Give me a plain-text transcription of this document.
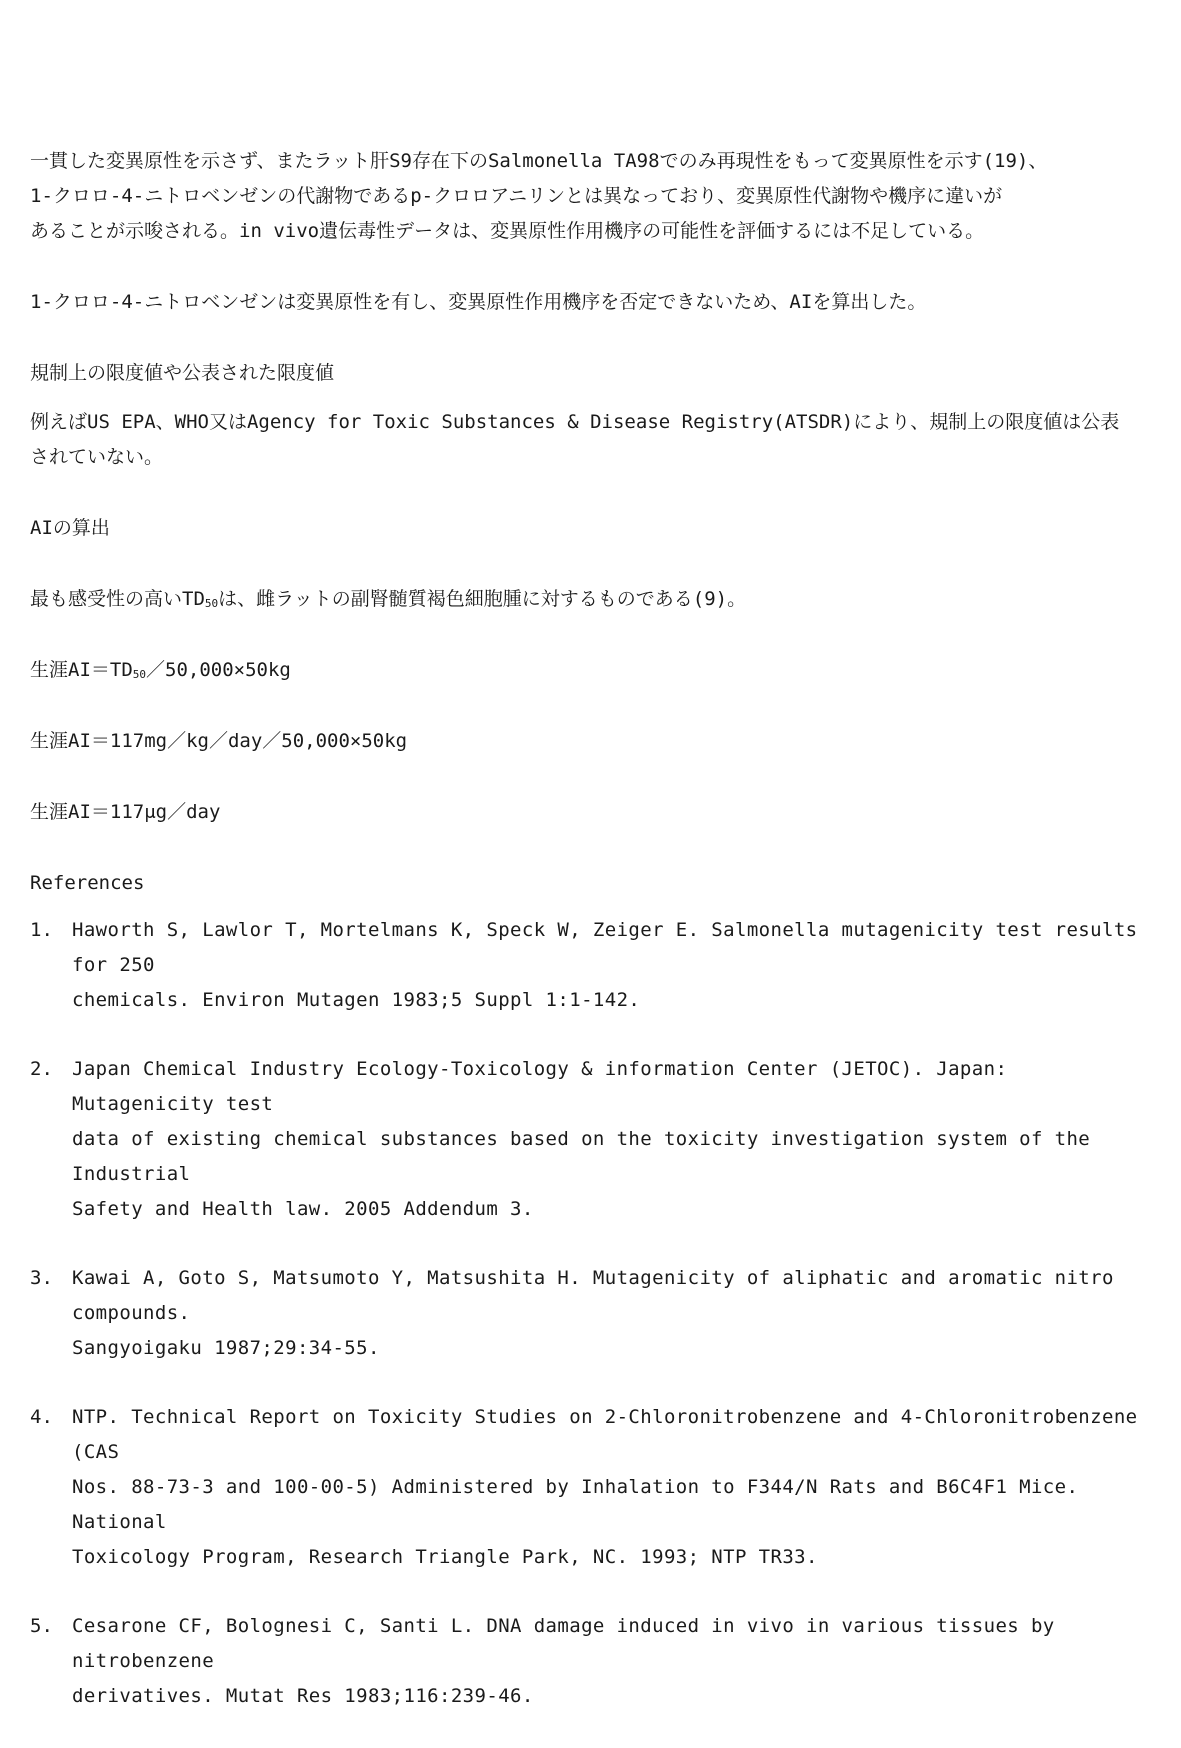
一貫した変異原性を示さず、またラット肝S9存在下のSalmonella TA98でのみ再現性をもって変異原性を示す(19)、
1-クロロ-4-ニトロベンゼンの代謝物であるp-クロロアニリンとは異なっており、変異原性代謝物や機序に違いが
あることが示唆される。in vivo遺伝毒性データは、変異原性作用機序の可能性を評価するには不足している。
1-クロロ-4-ニトロベンゼンは変異原性を有し、変異原性作用機序を否定できないため、AIを算出した。
規制上の限度値や公表された限度値
例えばUS EPA、WHO又はAgency for Toxic Substances & Disease Registry(ATSDR)により、規制上の限度値は公表
されていない。
AIの算出
最も感受性の高い$TD_{50}$は、雌ラットの副腎髄質褐色細胞腫に対するものである(9)。
生涯$AI=TD_{50}/50,000\times 50kg$
生涯AI＝117mg／kg／day／50,000×50kg
生涯AI＝117μg／day
References
1.	Haworth S, Lawlor T, Mortelmans K, Speck W, Zeiger E. Salmonella mutagenicity test results for 250
chemicals. Environ Mutagen 1983;5 Suppl 1:1-142.
2.	Japan Chemical Industry Ecology-Toxicology & information Center (JETOC). Japan: Mutagenicity test
data of existing chemical substances based on the toxicity investigation system of the Industrial
Safety and Health law. 2005 Addendum 3.
3.	Kawai A, Goto S, Matsumoto Y, Matsushita H. Mutagenicity of aliphatic and aromatic nitro compounds.
Sangyoigaku 1987;29:34-55.
4.	NTP. Technical Report on Toxicity Studies on 2-Chloronitrobenzene and 4-Chloronitrobenzene (CAS
Nos. 88-73-3 and 100-00-5) Administered by Inhalation to F344/N Rats and B6C4F1 Mice. National
Toxicology Program, Research Triangle Park, NC. 1993; NTP TR33.
5.	Cesarone CF, Bolognesi C, Santi L. DNA damage induced in vivo in various tissues by nitrobenzene
derivatives. Mutat Res 1983;116:239-46.
